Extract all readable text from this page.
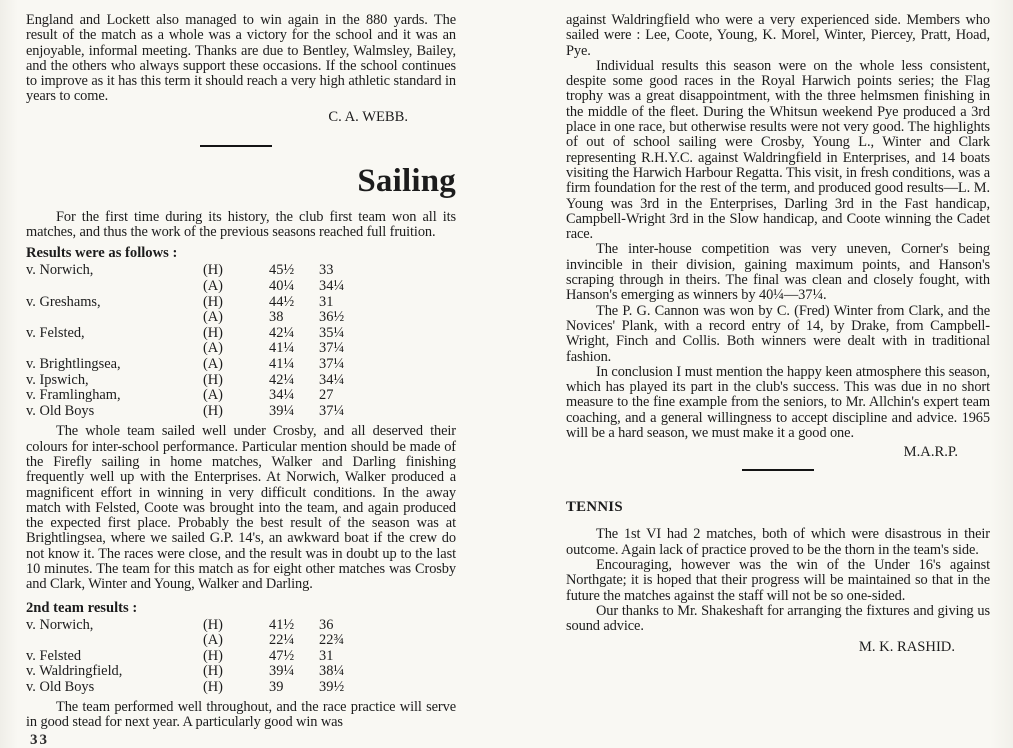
England and Lockett also managed to win again in the 880 yards. The result of the match as a whole was a victory for the school and it was an enjoyable, informal meeting. Thanks are due to Bentley, Walmsley, Bailey, and the others who always support these occasions. If the school continues to improve as it has this term it should reach a very high athletic standard in years to come.

C. A. WEBB.

Sailing

For the first time during its history, the club first team won all its matches, and thus the work of the previous seasons reached full fruition.

Results were as follows :

v. Norwich,	(H)	45½	33
(A)	40¼	34¼
v. Greshams,	(H)	44½	31
(A)	38	36½
v. Felsted,	(H)	42¼	35¼
(A)	41¼	37¼
v. Brightlingsea,	(A)	41¼	37¼
v. Ipswich,	(H)	42¼	34¼
v. Framlingham,	(A)	34¼	27
v. Old Boys	(H)	39¼	37¼

The whole team sailed well under Crosby, and all deserved their colours for inter-school performance. Particular mention should be made of the Firefly sailing in home matches, Walker and Darling finishing frequently well up with the Enterprises. At Norwich, Walker produced a magnificent effort in winning in very difficult conditions. In the away match with Felsted, Coote was brought into the team, and again produced the expected first place. Probably the best result of the season was at Brightlingsea, where we sailed G.P. 14's, an awkward boat if the crew do not know it. The races were close, and the result was in doubt up to the last 10 minutes. The team for this match as for eight other matches was Crosby and Clark, Winter and Young, Walker and Darling.

2nd team results :

v. Norwich,	(H)	41½	36
(A)	22¼	22¾
v. Felsted	(H)	47½	31
v. Waldringfield,	(H)	39¼	38¼
v. Old Boys	(H)	39	39½

The team performed well throughout, and the race practice will serve in good stead for next year. A particularly good win was

against Waldringfield who were a very experienced side. Members who sailed were : Lee, Coote, Young, K. Morel, Winter, Piercey, Pratt, Hoad, Pye.

Individual results this season were on the whole less consistent, despite some good races in the Royal Harwich points series; the Flag trophy was a great disappointment, with the three helmsmen finishing in the middle of the fleet. During the Whitsun weekend Pye produced a 3rd place in one race, but otherwise results were not very good. The highlights of out of school sailing were Crosby, Young L., Winter and Clark representing R.H.Y.C. against Waldringfield in Enterprises, and 14 boats visiting the Harwich Harbour Regatta. This visit, in fresh conditions, was a firm foundation for the rest of the term, and produced good results—L. M. Young was 3rd in the Enterprises, Darling 3rd in the Fast handicap, Campbell-Wright 3rd in the Slow handicap, and Coote winning the Cadet race.

The inter-house competition was very uneven, Corner's being invincible in their division, gaining maximum points, and Hanson's scraping through in theirs. The final was clean and closely fought, with Hanson's emerging as winners by 40¼—37¼.

The P. G. Cannon was won by C. (Fred) Winter from Clark, and the Novices' Plank, with a record entry of 14, by Drake, from Campbell-Wright, Finch and Collis. Both winners were dealt with in traditional fashion.

In conclusion I must mention the happy keen atmosphere this season, which has played its part in the club's success. This was due in no short measure to the fine example from the seniors, to Mr. Allchin's expert team coaching, and a general willingness to accept discipline and advice. 1965 will be a hard season, we must make it a good one.

M.A.R.P.

TENNIS

The 1st VI had 2 matches, both of which were disastrous in their outcome. Again lack of practice proved to be the thorn in the team's side.

Encouraging, however was the win of the Under 16's against Northgate; it is hoped that their progress will be maintained so that in the future the matches against the staff will not be so one-sided.

Our thanks to Mr. Shakeshaft for arranging the fixtures and giving us sound advice.

M. K. RASHID.

33
